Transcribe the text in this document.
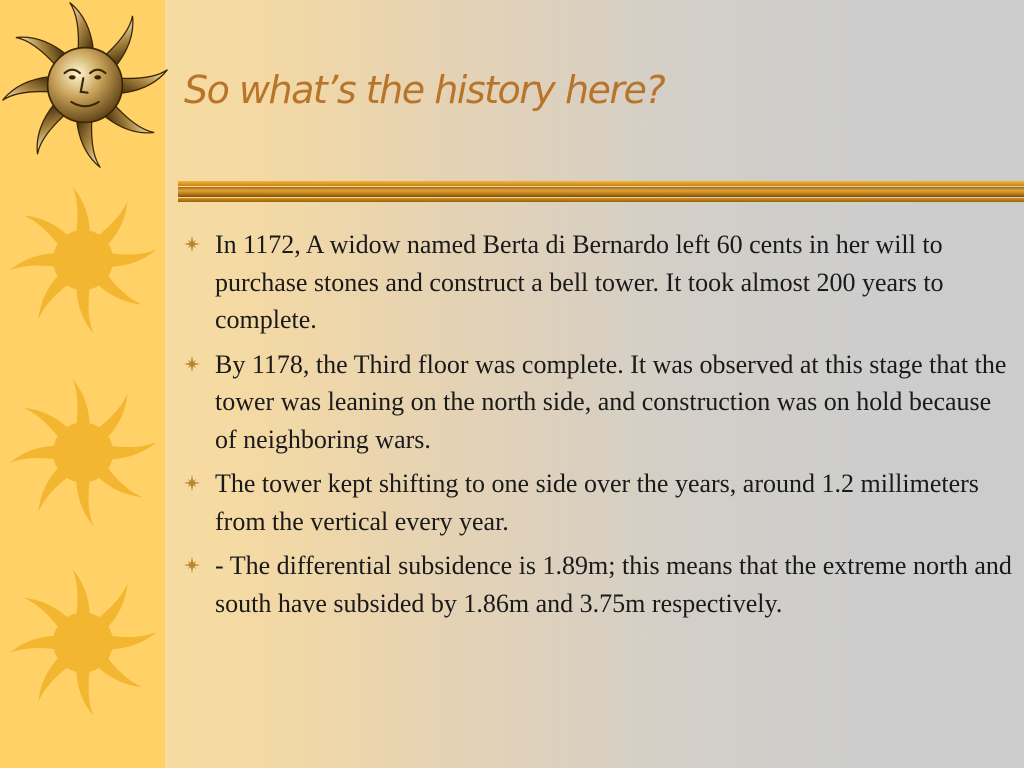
So what’s the history here?
In 1172, A widow named Berta di Bernardo left 60 cents in her will to purchase stones and construct a bell tower. It took almost 200 years to complete.
By 1178, the Third floor was complete. It was observed at this stage that the tower was leaning on the north side, and construction was on hold because of neighboring wars.
The tower kept shifting to one side over the years, around 1.2 millimeters from the vertical every year.
- The differential subsidence is 1.89m; this means that the extreme north and south have subsided by 1.86m and 3.75m respectively.
